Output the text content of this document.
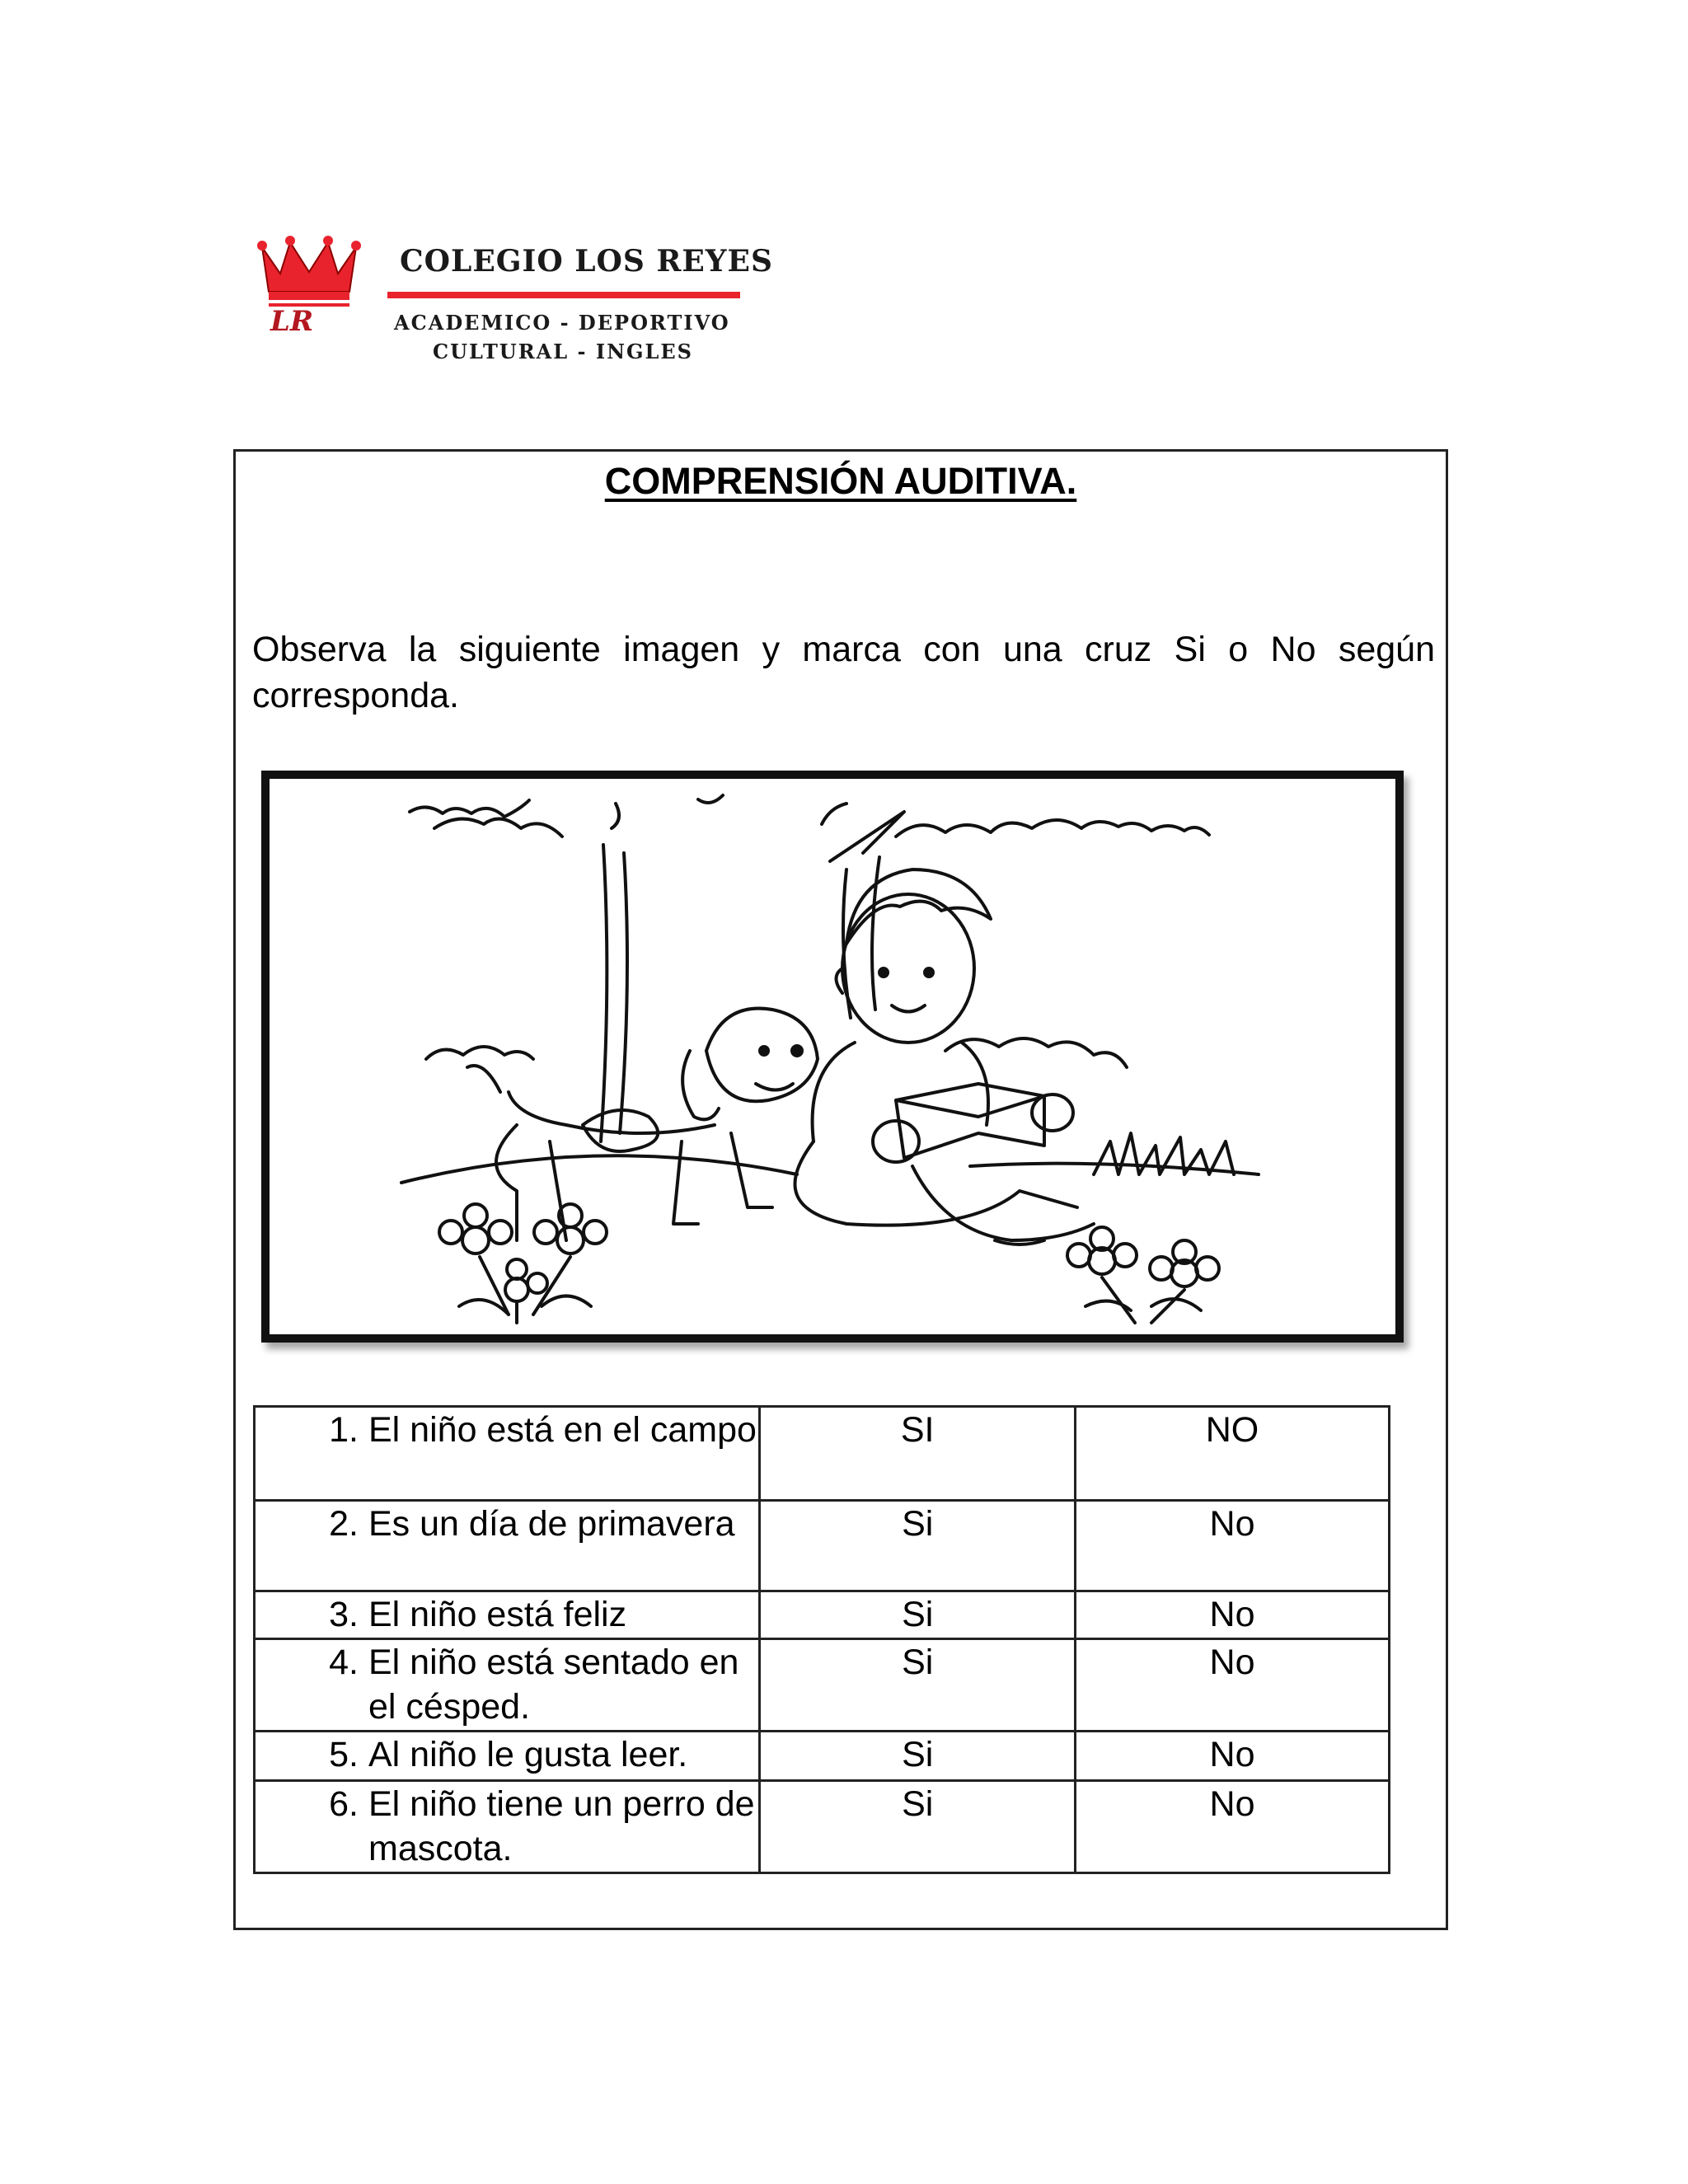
LR
COLEGIO LOS REYES
ACADEMICO - DEPORTIVO
CULTURAL - INGLES
COMPRENSIÓN AUDITIVA.
Observa la siguiente imagen y marca con una cruz Si o No según corresponda.
1. El niño está en el campo	SI	NO

2. Es un día de primavera	Si	No

3. El niño está feliz	Si	No

4. El niño está sentado en el césped.	Si	No

5. Al niño le gusta leer.	Si	No

6. El niño tiene un perro de mascota.	Si	No
